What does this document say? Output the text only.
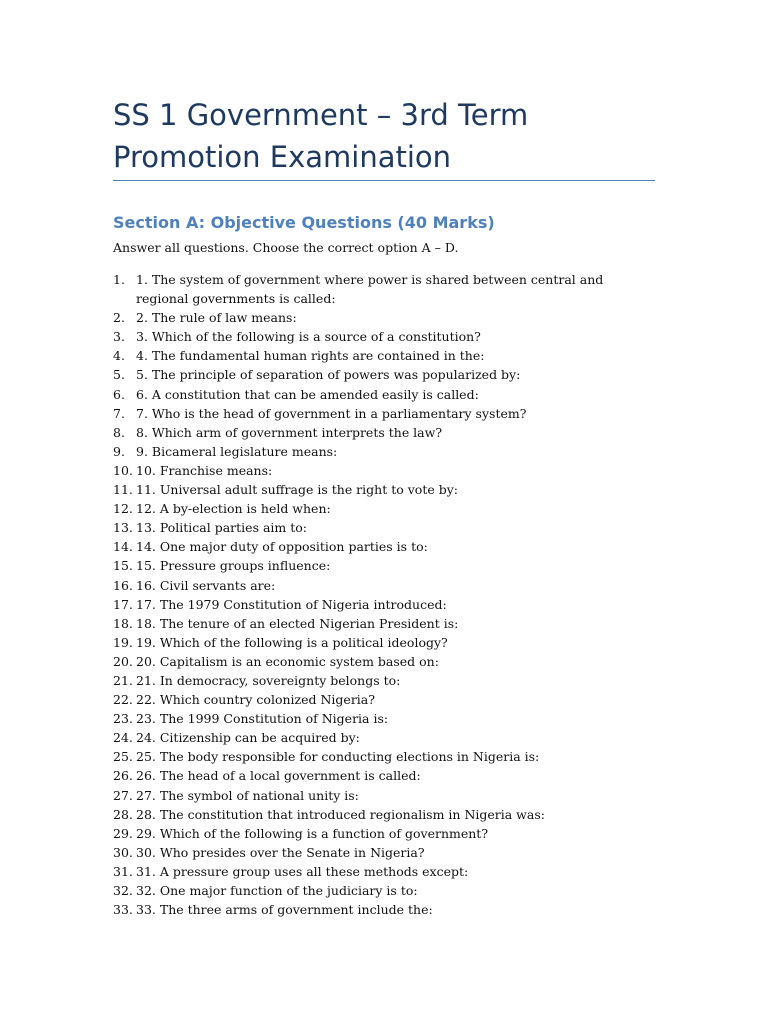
SS 1 Government – 3rd Term Promotion Examination
Section A: Objective Questions (40 Marks)

Answer all questions. Choose the correct option A – D.

1. 1. The system of government where power is shared between central and regional governments is called:
2. 2. The rule of law means:
3. 3. Which of the following is a source of a constitution?
4. 4. The fundamental human rights are contained in the:
5. 5. The principle of separation of powers was popularized by:
6. 6. A constitution that can be amended easily is called:
7. 7. Who is the head of government in a parliamentary system?
8. 8. Which arm of government interprets the law?
9. 9. Bicameral legislature means:
10. 10. Franchise means:
11. 11. Universal adult suffrage is the right to vote by:
12. 12. A by-election is held when:
13. 13. Political parties aim to:
14. 14. One major duty of opposition parties is to:
15. 15. Pressure groups influence:
16. 16. Civil servants are:
17. 17. The 1979 Constitution of Nigeria introduced:
18. 18. The tenure of an elected Nigerian President is:
19. 19. Which of the following is a political ideology?
20. 20. Capitalism is an economic system based on:
21. 21. In democracy, sovereignty belongs to:
22. 22. Which country colonized Nigeria?
23. 23. The 1999 Constitution of Nigeria is:
24. 24. Citizenship can be acquired by:
25. 25. The body responsible for conducting elections in Nigeria is:
26. 26. The head of a local government is called:
27. 27. The symbol of national unity is:
28. 28. The constitution that introduced regionalism in Nigeria was:
29. 29. Which of the following is a function of government?
30. 30. Who presides over the Senate in Nigeria?
31. 31. A pressure group uses all these methods except:
32. 32. One major function of the judiciary is to:
33. 33. The three arms of government include the:
